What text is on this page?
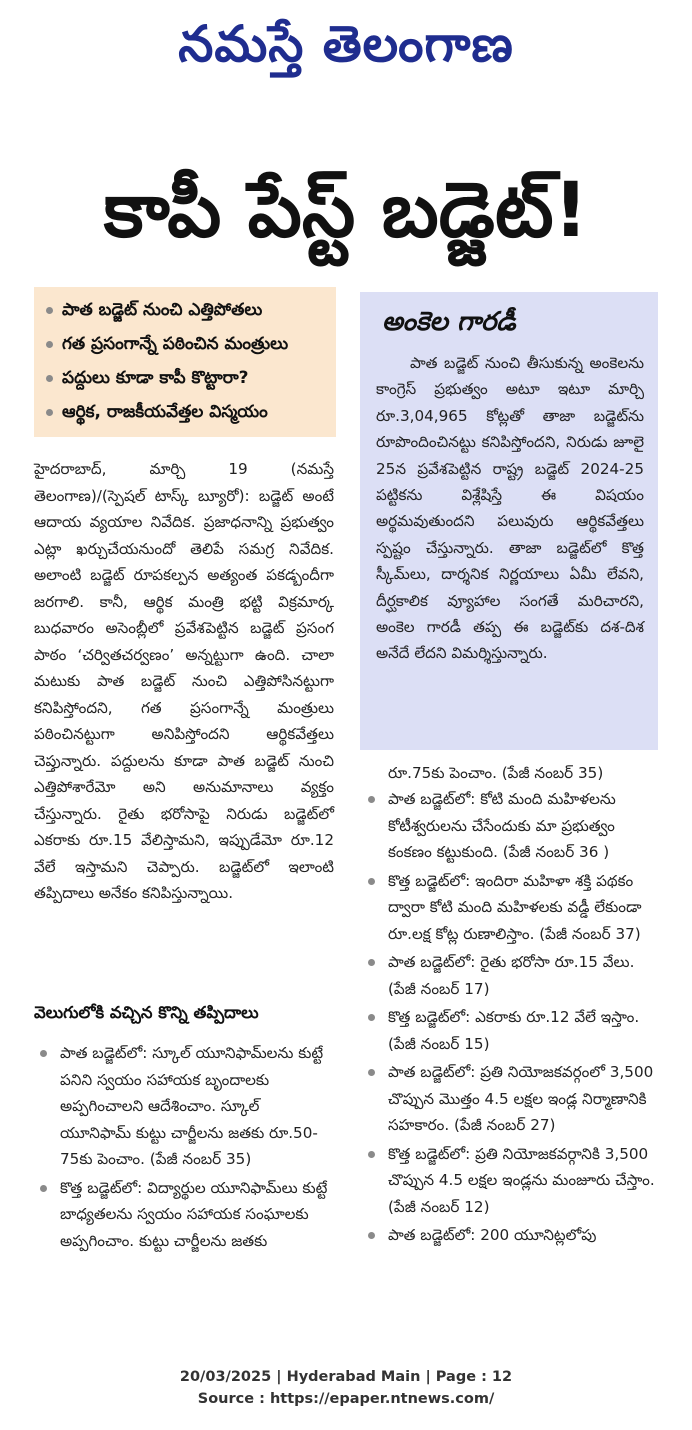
నమస్తే తెలంగాణ
కాపీ పేస్ట్ బడ్జెట్!
పాత బడ్జెట్ నుంచి ఎత్తిపోతలు
గత ప్రసంగాన్నే పఠించిన మంత్రులు
పద్దులు కూడా కాపీ కొట్టారా?
ఆర్థిక, రాజకీయవేత్తల విస్మయం

హైదరాబాద్, మార్చి 19 (నమస్తే తెలంగాణ)/(స్పెషల్ టాస్క్ బ్యూరో): బడ్జెట్ అంటే ఆదాయ వ్యయాల నివేదిక. ప్రజాధనాన్ని ప్రభుత్వం ఎట్లా ఖర్చుచేయనుందో తెలిపే సమగ్ర నివేదిక. అలాంటి బడ్జెట్ రూపకల్పన అత్యంత పకడ్బందీగా జరగాలి. కానీ, ఆర్థిక మంత్రి భట్టి విక్రమార్క బుధవారం అసెంబ్లీలో ప్రవేశపెట్టిన బడ్జెట్ ప్రసంగ పాఠం ‘చర్వితచర్వణం’ అన్నట్టుగా ఉంది. చాలా మటుకు పాత బడ్జెట్ నుంచి ఎత్తిపోసినట్టుగా కనిపిస్తోందని, గత ప్రసంగాన్నే మంత్రులు పఠించినట్టుగా అనిపిస్తోందని ఆర్థికవేత్తలు చెప్తున్నారు. పద్దులను కూడా పాత బడ్జెట్ నుంచి ఎత్తిపోశారేమో అని అనుమానాలు వ్యక్తం చేస్తున్నారు. రైతు భరోసాపై నిరుడు బడ్జెట్‌లో ఎకరాకు రూ.15 వేలిస్తామని, ఇప్పుడేమో రూ.12 వేలే ఇస్తామని చెప్పారు. బడ్జెట్‌లో ఇలాంటి తప్పిదాలు అనేకం కనిపిస్తున్నాయి.

వెలుగులోకి వచ్చిన కొన్ని తప్పిదాలు
పాత బడ్జెట్‌లో: స్కూల్ యూనిఫామ్‌లను కుట్టే పనిని స్వయం సహాయక బృందాలకు అప్పగించాలని ఆదేశించాం. స్కూల్ యూనిఫామ్ కుట్టు చార్జీలను జతకు రూ.50-75కు పెంచాం. (పేజీ నంబర్ 35)
కొత్త బడ్జెట్‌లో: విద్యార్థుల యూనిఫామ్‌లు కుట్టే బాధ్యతలను స్వయం సహాయక సంఘాలకు అప్పగించాం. కుట్టు చార్జీలను జతకు
అంకెల గారడీ
పాత బడ్జెట్ నుంచి తీసుకున్న అంకెలను కాంగ్రెస్ ప్రభుత్వం అటూ ఇటూ మార్చి రూ.3,04,965 కోట్లతో తాజా బడ్జెట్‌ను రూపొందించినట్టు కనిపిస్తోందని, నిరుడు జూలై 25న ప్రవేశపెట్టిన రాష్ట్ర బడ్జెట్ 2024-25 పట్టికను విశ్లేషిస్తే ఈ విషయం అర్థమవుతుందని పలువురు ఆర్థికవేత్తలు స్పష్టం చేస్తున్నారు. తాజా బడ్జెట్‌లో కొత్త స్కీమ్‌లు, దార్శనిక నిర్ణయాలు ఏమీ లేవని, దీర్ఘకాలిక వ్యూహాల సంగతే మరిచారని, అంకెల గారడీ తప్ప ఈ బడ్జెట్‌కు దశ-దిశ అనేదే లేదని విమర్శిస్తున్నారు.
రూ.75కు పెంచాం. (పేజీ నంబర్ 35)
పాత బడ్జెట్‌లో: కోటి మంది మహిళలను కోటీశ్వరులను చేసేందుకు మా ప్రభుత్వం కంకణం కట్టుకుంది. (పేజీ నంబర్ 36 )
కొత్త బడ్జెట్‌లో: ఇందిరా మహిళా శక్తి పథకం ద్వారా కోటి మంది మహిళలకు వడ్డీ లేకుండా రూ.లక్ష కోట్ల రుణాలిస్తాం. (పేజీ నంబర్ 37)
పాత బడ్జెట్‌లో: రైతు భరోసా రూ.15 వేలు. (పేజీ నంబర్ 17)
కొత్త బడ్జెట్‌లో: ఎకరాకు రూ.12 వేలే ఇస్తాం. (పేజీ నంబర్ 15)
పాత బడ్జెట్‌లో: ప్రతి నియోజకవర్గంలో 3,500 చొప్పున మొత్తం 4.5 లక్షల ఇండ్ల నిర్మాణానికి సహకారం. (పేజీ నంబర్ 27)
కొత్త బడ్జెట్‌లో: ప్రతి నియోజకవర్గానికి 3,500 చొప్పున 4.5 లక్షల ఇండ్లను మంజూరు చేస్తాం. (పేజీ నంబర్ 12)
పాత బడ్జెట్‌లో: 200 యూనిట్లలోపు
20/03/2025 | Hyderabad Main | Page : 12
Source : https://epaper.ntnews.com/
